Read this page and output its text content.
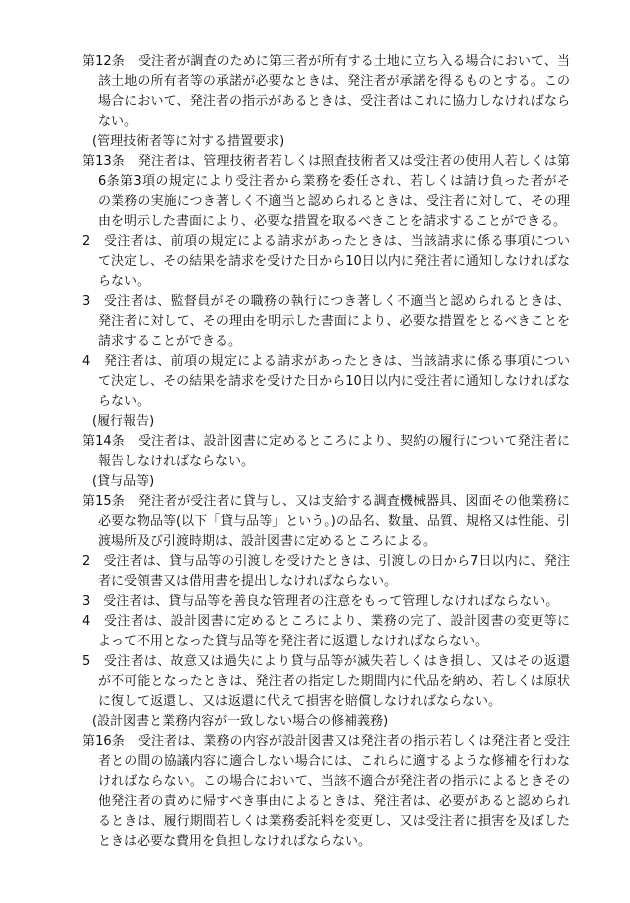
第12条　受注者が調査のために第三者が所有する土地に立ち入る場合において、当該土地の所有者等の承諾が必要なときは、発注者が承諾を得るものとする。この場合において、発注者の指示があるときは、受注者はこれに協力しなければならない。

(管理技術者等に対する措置要求)

第13条　発注者は、管理技術者若しくは照査技術者又は受注者の使用人若しくは第6条第3項の規定により受注者から業務を委任され、若しくは請け負った者がその業務の実施につき著しく不適当と認められるときは、受注者に対して、その理由を明示した書面により、必要な措置を取るべきことを請求することができる。

2　受注者は、前項の規定による請求があったときは、当該請求に係る事項について決定し、その結果を請求を受けた日から10日以内に発注者に通知しなければならない。

3　受注者は、監督員がその職務の執行につき著しく不適当と認められるときは、発注者に対して、その理由を明示した書面により、必要な措置をとるべきことを請求することができる。

4　発注者は、前項の規定による請求があったときは、当該請求に係る事項について決定し、その結果を請求を受けた日から10日以内に受注者に通知しなければならない。

(履行報告)

第14条　受注者は、設計図書に定めるところにより、契約の履行について発注者に報告しなければならない。

(貸与品等)

第15条　発注者が受注者に貸与し、又は支給する調査機械器具、図面その他業務に必要な物品等(以下「貸与品等」という。)の品名、数量、品質、規格又は性能、引渡場所及び引渡時期は、設計図書に定めるところによる。

2　受注者は、貸与品等の引渡しを受けたときは、引渡しの日から7日以内に、発注者に受領書又は借用書を提出しなければならない。

3　受注者は、貸与品等を善良な管理者の注意をもって管理しなければならない。

4　受注者は、設計図書に定めるところにより、業務の完了、設計図書の変更等によって不用となった貸与品等を発注者に返還しなければならない。

5　受注者は、故意又は過失により貸与品等が滅失若しくはき損し、又はその返還が不可能となったときは、発注者の指定した期間内に代品を納め、若しくは原状に復して返還し、又は返還に代えて損害を賠償しなければならない。

(設計図書と業務内容が一致しない場合の修補義務)

第16条　受注者は、業務の内容が設計図書又は発注者の指示若しくは発注者と受注者との間の協議内容に適合しない場合には、これらに適するような修補を行わなければならない。この場合において、当該不適合が発注者の指示によるときその他発注者の責めに帰すべき事由によるときは、発注者は、必要があると認められるときは、履行期間若しくは業務委託料を変更し、又は受注者に損害を及ぼしたときは必要な費用を負担しなければならない。
